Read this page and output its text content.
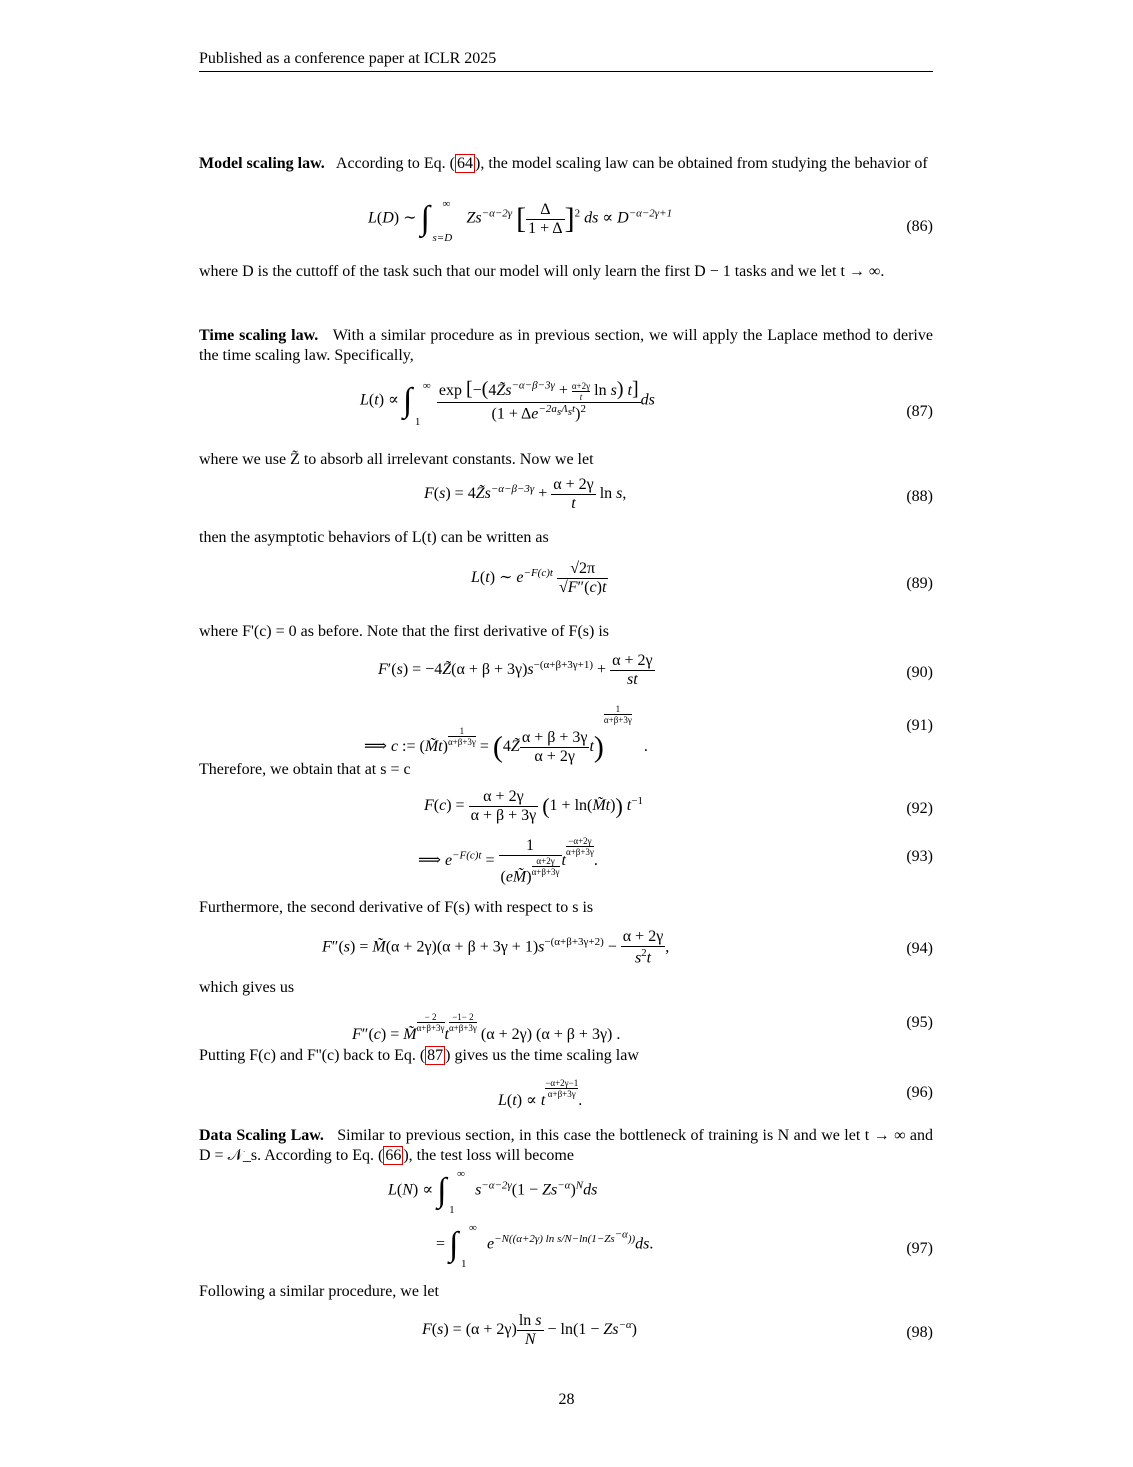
Published as a conference paper at ICLR 2025
Model scaling law. According to Eq. ( 64 ), the model scaling law can be obtained from studying the behavior of
L(D) ∼ ∫ ∞
s=D
$Zs^{-\alpha-2\gamma}$ [ $\frac{\Delta}{1 + \Delta} ]^2$ ds ∝ $D^{-\alpha-2\gamma+1}$
(86)
where D is the cuttoff of the task such that our model will only learn the first D − 1 tasks and we let t → ∞.
Time scaling law. With a similar procedure as in previous section, we will apply the Laplace method to derive the time scaling law. Specifically,
L(t) ∝ ∫ ∞
1
$\frac{\exp [-(4Z̃s^{-\alpha-\beta-3\gamma} + \frac{\alpha+2\gamma}{t} \ln s) t]}{(1 + \Delta e^{-2a_s\Lambda_st})^2}$ ds
(87)
where we use Z̃ to absorb all irrelevant constants. Now we let
$F(s) = 4Z̃s^{-\alpha-\beta-3\gamma} + \frac{\alpha + 2\gamma}{t}$ ln s,	(88)
then the asymptotic behaviors of L(t) can be written as
L(t) ∼ $e^{-F(c)t} \frac{√2\pi}{√F''(c)t}$	(89)
where F'(c) = 0 as before. Note that the first derivative of F(s) is
F′(s) = −4Z̃(α + $\beta + 3\gamma)s^{-(\alpha+\beta+3\gamma+1)} + \frac{\alpha + 2\gamma}{st}$	(90)
⟹ c := (M̃t) $\frac{1}{\alpha+\beta+3\gamma}$ = (4Z̃ $\frac{\alpha + \beta + 3\gamma}{\alpha + 2\gamma} t$)
$\frac{1}{\alpha+\beta+3\gamma}$
.
(91)
Therefore, we obtain that at s = c
$F(c) = \frac{\alpha + 2\gamma}{\alpha + \beta + 3\gamma} (1$ + ln(M̃t)) $t^{-1}$	(92)
⟹ $e^{-F(c)t} = \frac{1}{(eM̃) \frac{\alpha+2\gamma}{\alpha+\beta+3\gamma}}$ t
$\frac{-\alpha+2\gamma}{\alpha+\beta+3\gamma}$
.	(93)
Furthermore, the second derivative of F(s) with respect to s is
F″(s) = M̃(α + $2\gamma)(\alpha + \beta + 3\gamma + 1)s^{-(\alpha+\beta+3\gamma+2)} - \frac{\alpha + 2\gamma}{s^2t}$ ,	(94)
which gives us
F″(c) = M̃
$\frac{- 2}{\alpha+\beta+3\gamma}$
t
$\frac{-1- 2}{\alpha+\beta+3\gamma}$
(α + 2γ) (α + β + 3γ) .
(95)
Putting F(c) and F''(c) back to Eq. ( 87 ) gives us the time scaling law
L(t) ∝ t
$\frac{-\alpha+2\gamma-1}{\alpha+\beta+3\gamma}$
.	(96)
Data Scaling Law. Similar to previous section, in this case the bottleneck of training is N and we let t → ∞ and D = 𝒩_s. According to Eq. ( 66 ), the test loss will become
L(N) ∝ ∫ ∞
1
$s^{-\alpha-2\gamma}(1 - Zs^{-\alpha})^Nds$
= ∫ ∞
1
$e^{-N((\alpha+2\gamma) ln s/N-ln(1-Zs^{-\alpha}))}ds$.	(97)
Following a similar procedure, we let
$F(s) = (\alpha + 2\gamma) \frac{\text{ln s}}{N} - \ln(1 - Zs^{-\alpha})$	(98)
28
